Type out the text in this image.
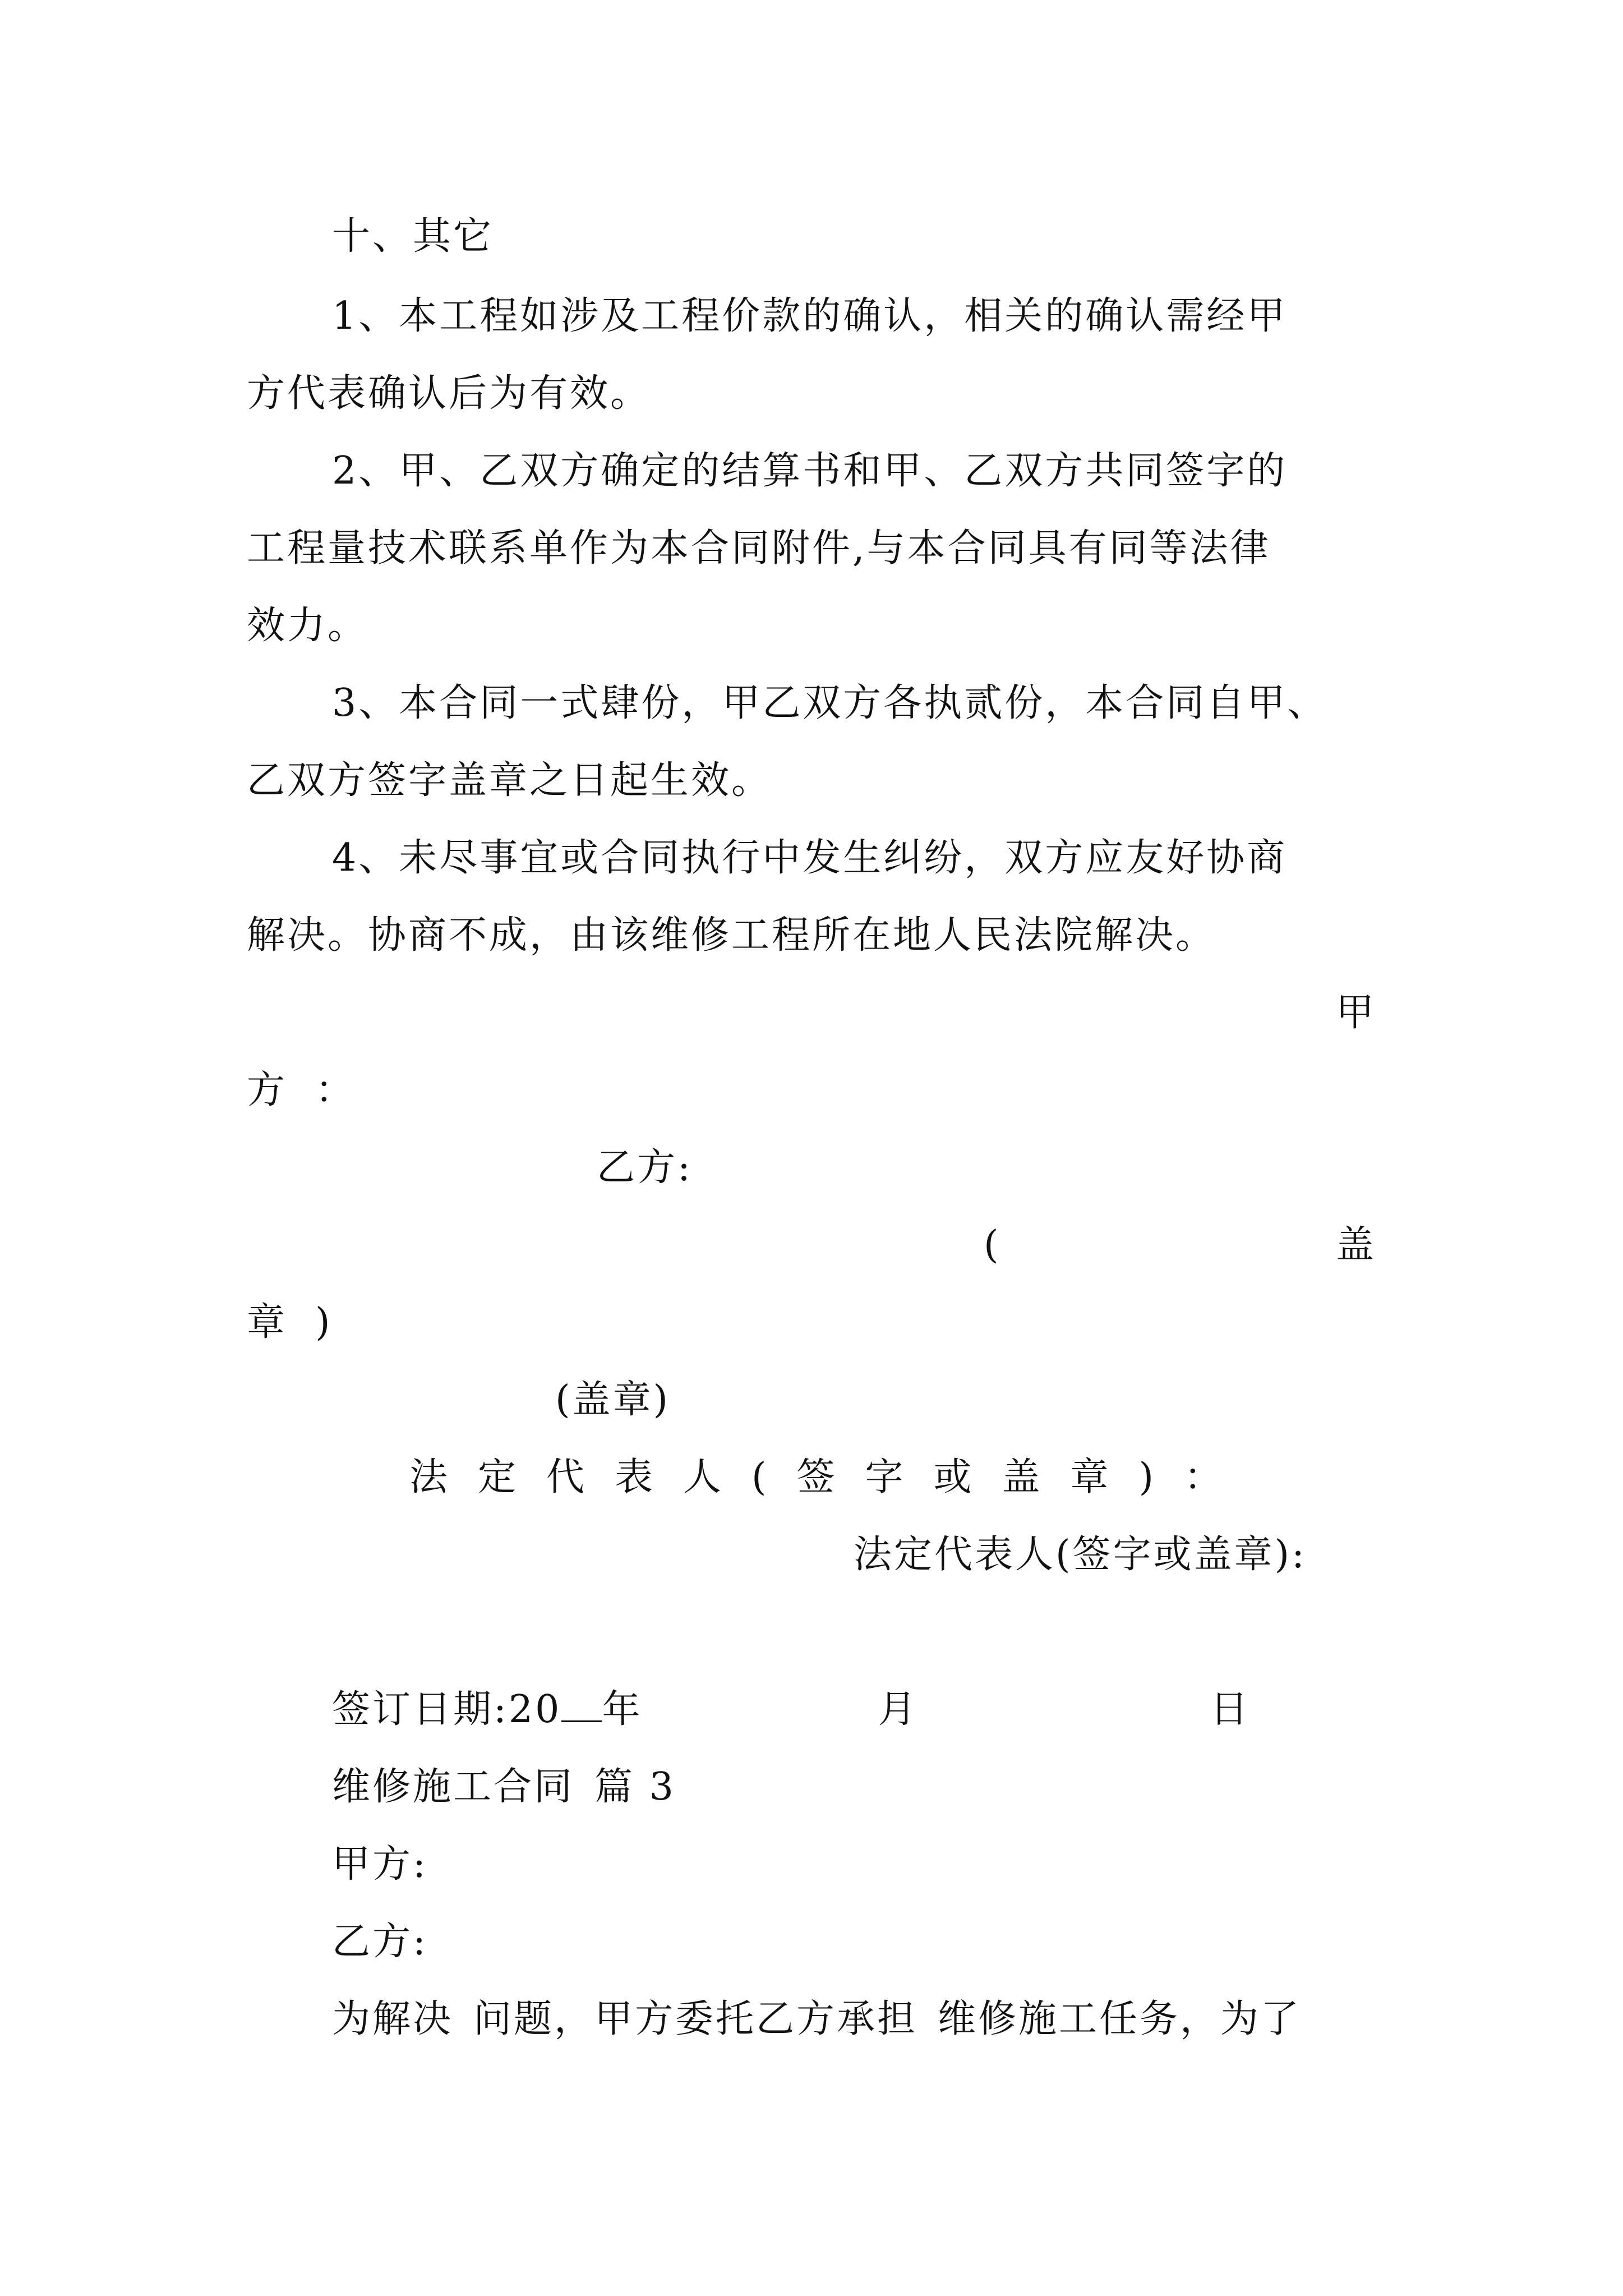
十、其它
1、本工程如涉及工程价款的确认，相关的确认需经甲
方代表确认后为有效。
2、甲、乙双方确定的结算书和甲、乙双方共同签字的
工程量技术联系单作为本合同附件,与本合同具有同等法律
效力。
3、本合同一式肆份，甲乙双方各执贰份，本合同自甲、
乙双方签字盖章之日起生效。
4、未尽事宜或合同执行中发生纠纷，双方应友好协商
解决。协商不成，由该维修工程所在地人民法院解决。
甲
方：
乙方:
(	盖
章)
(盖章)
法定代表人(签字或盖章)：
法定代表人(签字或盖章):
签订日期:20 年	月	日
维修施工合同 篇 3
甲方:
乙方:
为解决 问题，甲方委托乙方承担 维修施工任务，为了
